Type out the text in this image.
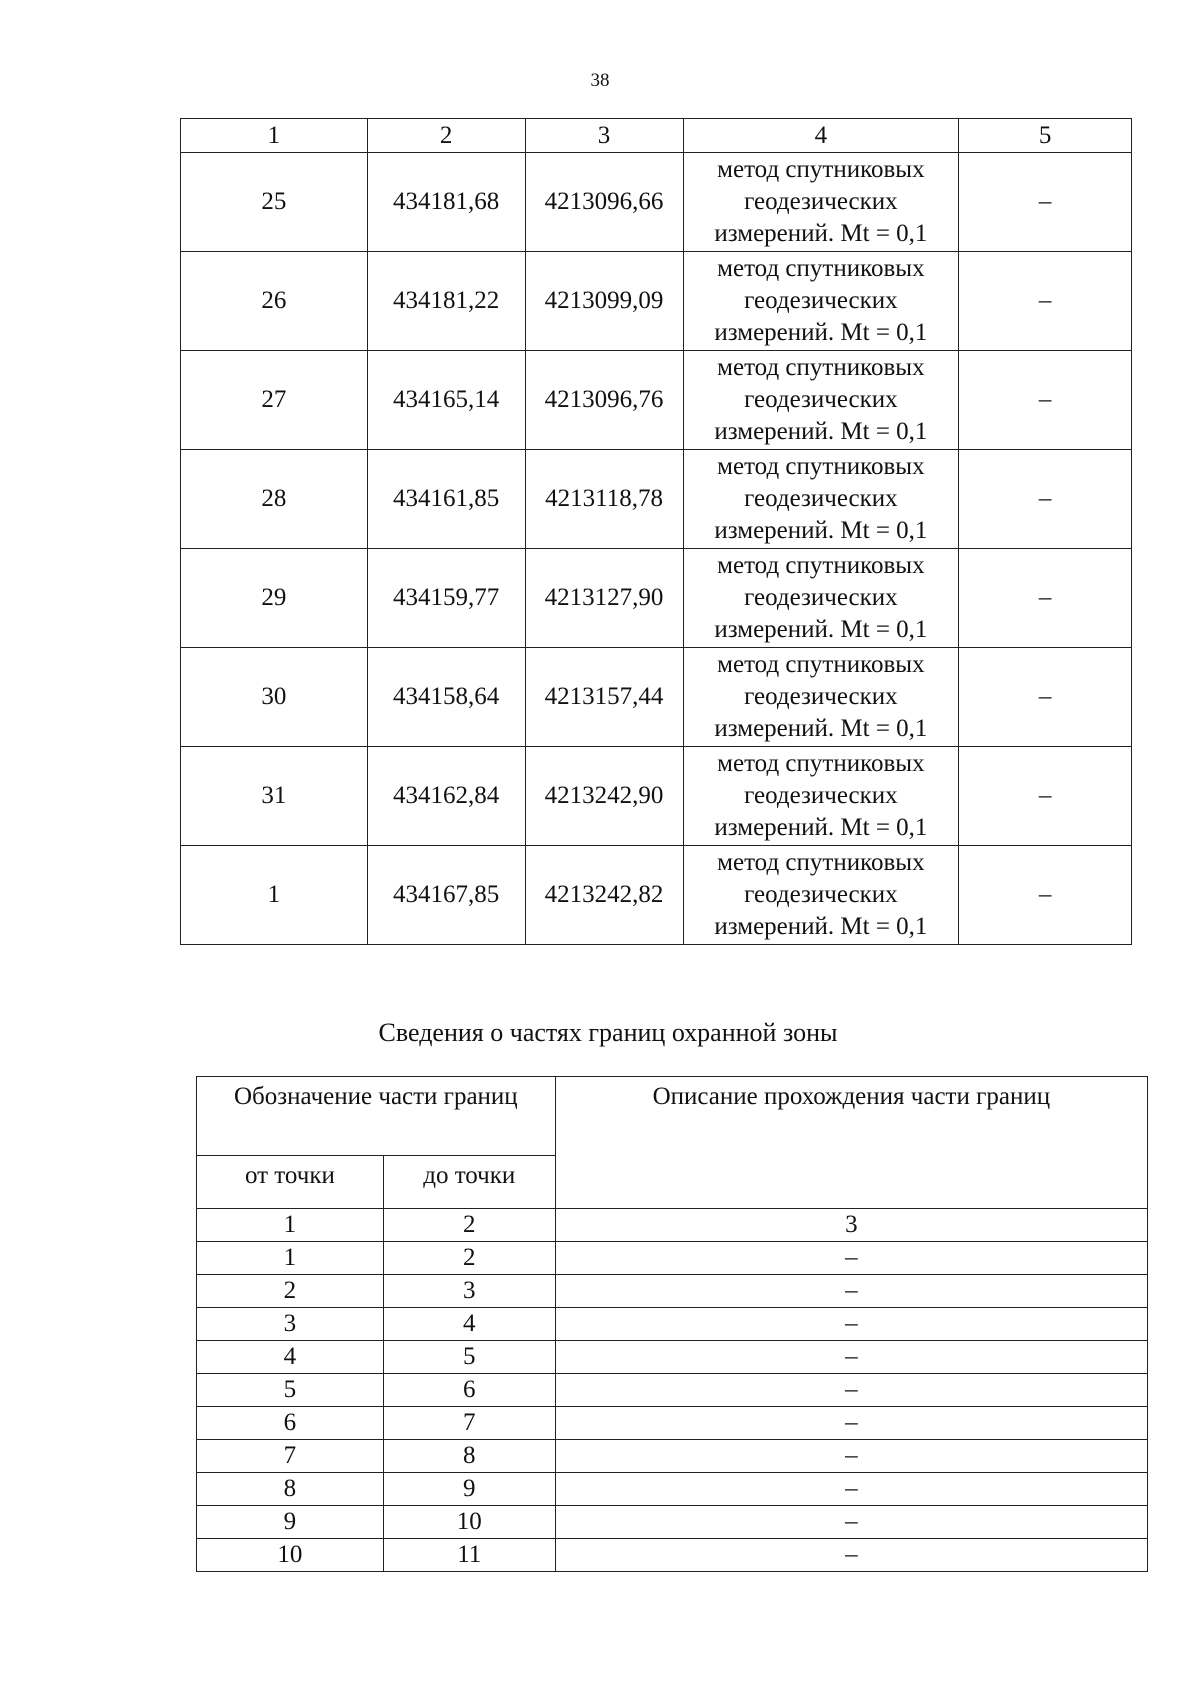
38
1	2	3	4	5
25	434181,68	4213096,66	метод спутниковых
геодезических
измерений. Mt = 0,1	–
26	434181,22	4213099,09	метод спутниковых
геодезических
измерений. Mt = 0,1	–
27	434165,14	4213096,76	метод спутниковых
геодезических
измерений. Mt = 0,1	–
28	434161,85	4213118,78	метод спутниковых
геодезических
измерений. Mt = 0,1	–
29	434159,77	4213127,90	метод спутниковых
геодезических
измерений. Mt = 0,1	–
30	434158,64	4213157,44	метод спутниковых
геодезических
измерений. Mt = 0,1	–
31	434162,84	4213242,90	метод спутниковых
геодезических
измерений. Mt = 0,1	–
1	434167,85	4213242,82	метод спутниковых
геодезических
измерений. Mt = 0,1	–
Сведения о частях границ охранной зоны
Обозначение части границ		Описание прохождения части границ
от точки	до точки	
1	2	3
1	2	–
2	3	–
3	4	–
4	5	–
5	6	–
6	7	–
7	8	–
8	9	–
9	10	–
10	11	–
